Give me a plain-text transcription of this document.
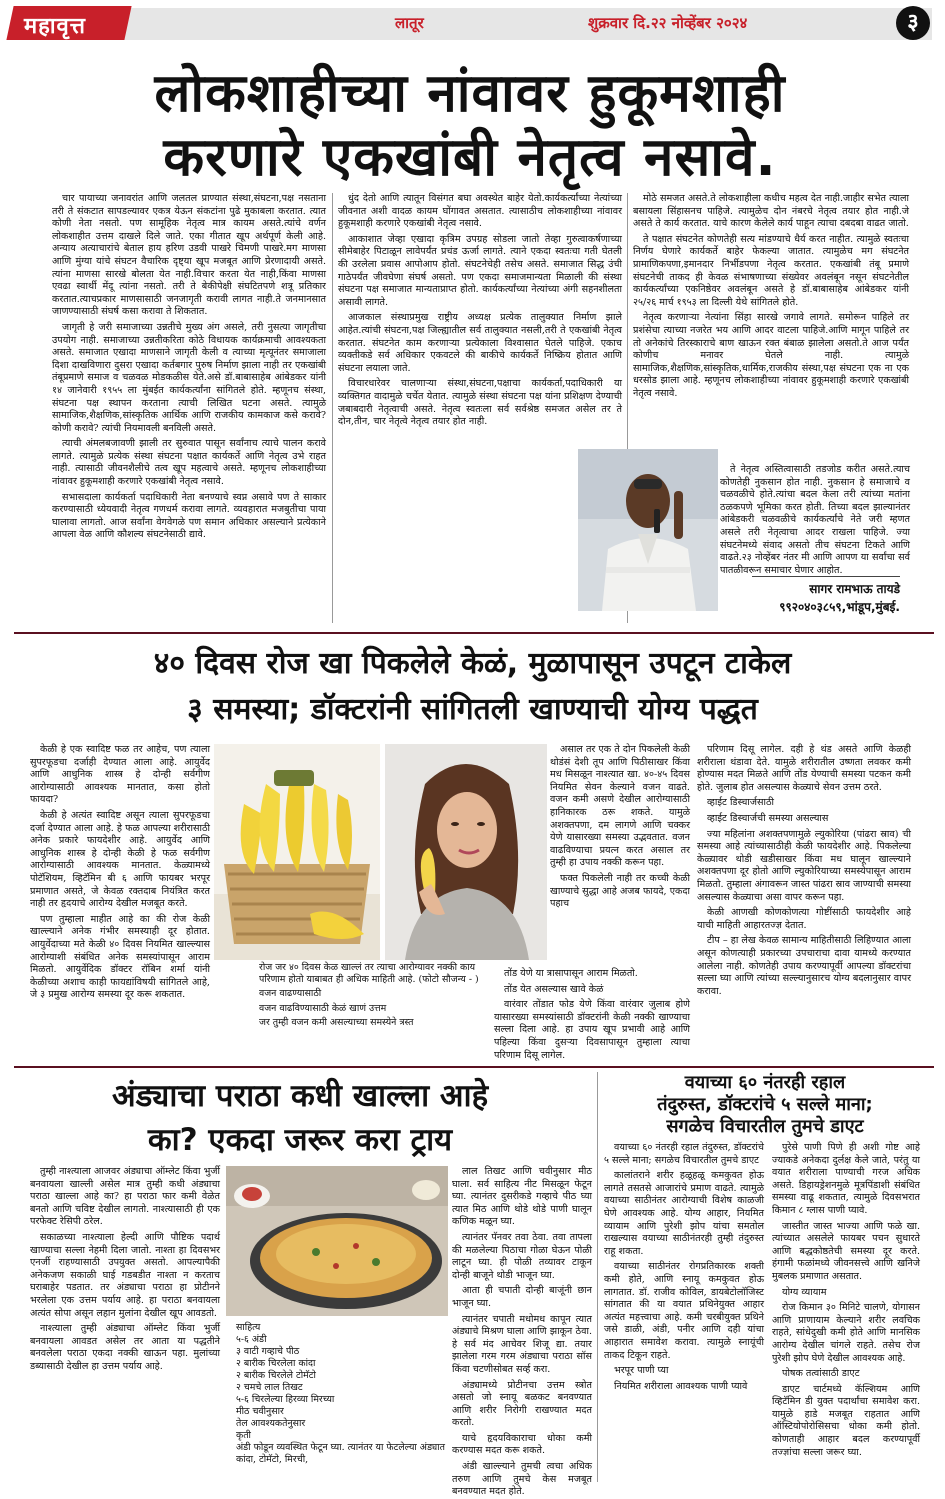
महावृत्त	लातूर	शुक्रवार दि.२२ नोव्हेंबर २०२४	३
लोकशाहीच्या नांवावर हुकूमशाही
करणारे एकखांबी नेतृत्व नसावे.

चार पायाच्या जनावरांत आणि जलतल प्राण्यात संस्था,संघटना,पक्ष नसताना तरी ते संकटात सापडल्यावर एकत्र येऊन संकटांना पुढे मुकाबला करतात. त्यात कोणी नेता नसतो. पण सामूहिक नेतृत्व मात्र कायम असते.त्यांचे वर्णन लोकशाहीत उत्तम दाखले दिले जाते. एका गीतात खूप अर्थपूर्ण केली आहे. अन्याय अत्याचारांचे बेताल हाय हरिण उडवी पाखरे चिमणी पाखरे.मग माणसा आणि मुंग्या यांचे संघटन वैचारिक दृष्ट्या खूप मजबूत आणि प्रेरणादायी असते. त्यांना माणसा सारखे बोलता येत नाही.विचार करता येत नाही,किंवा माणसा एवढा स्वार्थी मेंदू त्यांना नसतो. तरी ते बेकीपेक्षी संघटितपणे शत्रू प्रतिकार करतात.त्याचप्रकार माणसासाठी जनजागृती करावी लागत नाही.ते जनमानसात जाणण्यासाठी संघर्ष कसा करावा ते शिकतात.

जागृती हे जरी समाजाच्या उन्नतीचे मुख्य अंग असले, तरी नुसत्या जागृतीचा उपयोग नाही. समाजाच्या उन्नतीकरिता कोठे विधायक कार्यक्रमाची आवश्यकता असते. समाजात एखादा माणसाने जागृती केली व त्याच्या मृत्यूनंतर समाजाला दिशा दाखविणारा दुसरा एखादा कर्तबगार पुरुष निर्माण झाला नाही तर एकखांबी तंबूप्रमाणे समाज व चळवळ मोडकळीस येते.असे डॉ.बाबासाहेब आंबेडकर यांनी १४ जानेवारी १९५५ ला मुंबईत कार्यकर्त्यांना सांगितले होते. म्हणूनच संस्था, संघटना पक्ष स्थापन करताना त्याची लिखित घटना असते. त्यामुळे सामाजिक,शैक्षणिक,सांस्कृतिक आर्थिक आणि राजकीय कामकाज कसे करावे? कोणी करावे? त्यांची नियमावली बनविली असते.

त्याची अंमलबजावणी झाली तर सुरुवात पासून सर्वांनाच त्याचे पालन करावे लागते. त्यामुळे प्रत्येक संस्था संघटना पक्षात कार्यकर्ते आणि नेतृत्व उभे राहत नाही. त्यासाठी जीवनशैलीचे तत्व खूप महत्वाचे असते. म्हणूनच लोकशाहीच्या नांवावर हुकूमशाही करणारे एकखांबी नेतृत्व नसावे.

सभासदाला कार्यकर्ता पदाधिकारी नेता बनण्याचे स्वप्न असावे पण ते साकार करण्यासाठी ध्येयवादी नेतृत्व गणधर्म करावा लागते. व्यवहारात मजबुतीचा पाया घालावा लागतो. आज सर्वांना वेगवेगळे पण समान अधिकार असल्याने प्रत्येकाने आपला वेळ आणि कौशल्य संघटनेसाठी द्यावे.

धुंद देतो आणि त्यातून विसंगत बघा अवस्थेत बाहेर येतो.कार्यकर्त्यांच्या नेत्यांच्या जीवनात अशी वादळ कायम घोंगावत असतात. त्यासाठीच लोकशाहीच्या नांवावर हुकूमशाही करणारे एकखांबी नेतृत्व नसावे.

आकाशात जेव्हा एखादा कृत्रिम उपग्रह सोडला जातो तेव्हा गुरुत्वाकर्षणाच्या सीमेबाहेर पिटाळून लावेपर्यंत प्रचंड ऊर्जा लागते. त्याने एकदा स्वतःचा गती घेतली की उरलेला प्रवास आपोआप होतो. संघटनेचेही तसेच असते. समाजात सिद्ध उंची गाठेपर्यंत जीवघेणा संघर्ष असतो. पण एकदा समाजमान्यता मिळाली की संस्था संघटना पक्ष समाजात मान्यताप्राप्त होतो. कार्यकर्त्यांच्या नेत्यांच्या अंगी सहनशीलता असावी लागते.

आजकाल संस्थाप्रमुख राष्ट्रीय अध्यक्ष प्रत्येक तालुक्यात निर्माण झाले आहेत.त्यांची संघटना,पक्ष जिल्ह्यातील सर्व तालुक्यात नसली,तरी ते एकखांबी नेतृत्व करतात. संघटनेत काम करणाऱ्या प्रत्येकाला विश्वासात घेतले पाहिजे. एकाच व्यक्तीकडे सर्व अधिकार एकवटले की बाकीचे कार्यकर्ते निष्क्रिय होतात आणि संघटना लयाला जाते.

विचारधारेवर चालणाऱ्या संस्था,संघटना,पक्षाचा कार्यकर्ता,पदाधिकारी या व्यक्तिगत वादामुळे चर्चेत येतात. त्यामुळे संस्था संघटना पक्ष यांना प्रशिक्षण देण्याची जबाबदारी नेतृत्वाची असते. नेतृत्व स्वतःला सर्व सर्वश्रेष्ठ समजत असेल तर ते दोन,तीन, चार नेतृत्वे नेतृत्व तयार होत नाही.

मोठे समजत असते.ते लोकशाहीला कधीच महत्व देत नाही.जाहीर सभेत त्याला बसायला सिंहासनच पाहिजे. त्यामुळेच दोन नंबरचे नेतृत्व तयार होत नाही.जे असते ते कार्य करतात. याचे कारण केलेले कार्य पाहून त्याचा दबदबा वाढत जातो.

ते पक्षात संघटनेत कोणतेही सत्य मांडण्याचे धैर्य करत नाहीत. त्यामुळे स्वतःचा निर्णय घेणारे कार्यकर्ते बाहेर फेकल्या जातात. त्यामुळेच मग संघटनेत प्रामाणिकपणा,इमानदार निर्भीडपणा नेतृत्व करतात. एकखांबी तंबू प्रमाणे संघटनेची ताकद ही केवळ संभाषणाच्या संख्येवर अवलंबून नसून संघटनेतील कार्यकर्त्यांच्या एकनिष्ठेवर अवलंबून असते हे डॉ.बाबासाहेब आंबेडकर यांनी २५/२६ मार्च १९५३ ला दिल्ली येथे सांगितले होते.

नेतृत्व करणाऱ्या नेत्यांना सिंहा सारखे जगावे लागते. समोरून पाहिले तर प्रशंसेचा त्याच्या नजरेत भय आणि आदर वाटला पाहिजे.आणि मागून पाहिले तर तो अनेकांचे तिरस्काराचे बाण खाऊन रक्त बंबाळ झालेला असतो.ते आज पर्यंत कोणीच मनावर घेतले नाही. त्यामुळे सामाजिक,शैक्षणिक,सांस्कृतिक,धार्मिक,राजकीय संस्था,पक्ष संघटना एक ना एक धरसोड झाला आहे. म्हणूनच लोकशाहीच्या नांवावर हुकूमशाही करणारे एकखांबी नेतृत्व नसावे.

ते नेतृत्व अस्तित्वासाठी तडजोड करीत असते.त्याच कोणतेही नुकसान होत नाही. नुकसान हे समाजाचे व चळवळीचे होते.त्यांचा बदल केला तरी त्यांच्या मतांना ठळकपणे भूमिका करत होती. तिच्या बदल झाल्यानंतर आंबेडकरी चळवळीचे कार्यकर्त्यांचे नेते जरी म्हणत असले तरी नेतृत्वाचा आदर राखला पाहिजे. ज्या संघटनेमध्ये संवाद असतो तीच संघटना टिकते आणि वाढते.२३ नोव्हेंबर नंतर मी आणि आपण या सर्वांचा सर्व पातळीवरून समाचार घेणार आहोत.

सागर रामभाऊ तायडे
९९२०४०३८५९,भांडूप,मुंबई.
४० दिवस रोज खा पिकलेले केळं, मुळापासून उपटून टाकेल
३ समस्या; डॉक्टरांनी सांगितली खाण्याची योग्य पद्धत

केळी हे एक स्वादिष्ट फळ तर आहेच, पण त्याला सुपरफूडचा दर्जाही देण्यात आला आहे. आयुर्वेद आणि आधुनिक शास्त्र हे दोन्ही सर्वगीण आरोग्यासाठी आवश्यक मानतात, कसा होतो फायदा?

केळी हे अत्यंत स्वादिष्ट असून त्याला सुपरफूडचा दर्जा देण्यात आला आहे. हे फळ आपल्या शरीरासाठी अनेक प्रकारे फायदेशीर आहे. आयुर्वेद आणि आधुनिक शास्त्र हे दोन्ही केळी हे फळ सर्वगीण आरोग्यासाठी आवश्यक मानतात. केळ्यामध्ये पोटॅशियम, व्हिटॅमिन बी ६ आणि फायबर भरपूर प्रमाणात असते, जे केवळ रक्तदाब नियंत्रित करत नाही तर हृदयाचे आरोग्य देखील मजबूत करते.

पण तुम्हाला माहीत आहे का की रोज केळी खाल्ल्याने अनेक गंभीर समस्याही दूर होतात. आयुर्वेदाच्या मते केळी ४० दिवस नियमित खाल्ल्यास आरोग्याशी संबंधित अनेक समस्यांपासून आराम मिळतो. आयुर्वेदिक डॉक्टर रॉबिन शर्मा यांनी केळीच्या अशाच काही फायद्यांविषयी सांगितले आहे, जे ३ प्रमुख आरोग्य समस्या दूर करू शकतात.

रोज जर ४० दिवस केळ खाल्लं तर त्याचा आरोग्यावर नक्की काय परिणाम होतो याबाबत ही अधिक माहिती आहे. (फोटो सौजन्य - )

वजन वाढण्यासाठी

वजन वाढविण्यासाठी केळं खाणं उत्तम

जर तुम्ही वजन कमी असल्याच्या समस्येने त्रस्त

असाल तर एक ते दोन पिकलेली केळी थोडंसं देशी तूप आणि पिठीसाखर किंवा मध मिसळून नाश्त्यात खा. ४०-४५ दिवस नियमित सेवन केल्याने वजन वाढते. वजन कमी असणे देखील आरोग्यासाठी हानिकारक ठरू शकते. यामुळे अशक्तपणा, दम लागणे आणि चक्कर येणे यासारख्या समस्या उद्भवतात. वजन वाढविण्याचा प्रयत्न करत असाल तर तुम्ही हा उपाय नक्की करून पहा.

फक्त पिकलेली नाही तर कच्ची केळी खाण्याचे सुद्धा आहे अजब फायदे, एकदा पहाच

तोंड येणे या त्रासापासून आराम मिळतो.

तोंड येत असल्यास खावे केळं

वारंवार तोंडात फोड येणे किंवा वारंवार जुलाब होणे यासारख्या समस्यांसाठी डॉक्टरांनी केळी नक्की खाण्याचा सल्ला दिला आहे. हा उपाय खूप प्रभावी आहे आणि पहिल्या किंवा दुसऱ्या दिवसापासून तुम्हाला त्याचा परिणाम दिसू लागेल.

परिणाम दिसू लागेल. दही हे थंड असते आणि केळही शरीराला थंडावा देते. यामुळे शरीरातील उष्णता लवकर कमी होण्यास मदत मिळते आणि तोंड येण्याची समस्या पटकन कमी होते. जुलाब होत असल्यास केळ्याचे सेवन उत्तम ठरते.

व्हाईट डिस्चार्जसाठी

व्हाईट डिस्चार्जची समस्या असल्यास

ज्या महिलांना अशक्तपणामुळे ल्युकोरिया (पांढरा स्राव) ची समस्या आहे त्यांच्यासाठीही केळी फायदेशीर आहे. पिकलेल्या केळ्यावर थोडी खडीसाखर किंवा मध घालून खाल्ल्याने अशक्तपणा दूर होतो आणि ल्युकोरियाच्या समस्येपासून आराम मिळतो. तुम्हाला अंगावरून जास्त पांढरा स्राव जाण्याची समस्या असल्यास केळ्याचा असा वापर करून पहा.

केळी आणखी कोणकोणत्या गोष्टींसाठी फायदेशीर आहे याची माहिती आहारतज्ज्ञ देतात.

टीप – हा लेख केवळ सामान्य माहितीसाठी लिहिण्यात आला असून कोणत्याही प्रकारच्या उपचाराचा दावा यामध्ये करण्यात आलेला नाही. कोणतेही उपाय करण्यापूर्वी आपल्या डॉक्टरांचा सल्ला घ्या आणि त्यांच्या सल्ल्यानुसारच योग्य बदलानुसार वापर करावा.

अंड्याचा पराठा कधी खाल्ला आहे
का? एकदा जरूर करा ट्राय

तुम्ही नाश्त्याला आजवर अंड्याचा ऑम्लेट किंवा भुर्जी बनवायला खाल्ली असेल मात्र तुम्ही कधी अंड्याचा पराठा खाल्ला आहे का? हा पराठा फार कमी वेळेत बनतो आणि चविष्ट देखील लागतो. नाश्त्यासाठी ही एक परफेक्ट रेसिपी ठरेल.

सकाळच्या नाश्त्याला हेल्दी आणि पौष्टिक पदार्थ खाण्याचा सल्ला नेहमी दिला जातो. नाश्ता हा दिवसभर एनर्जी राहण्यासाठी उपयुक्त असतो. आपल्यापैकी अनेकजण सकाळी घाई गडबडीत नाश्ता न करताच घराबाहेर पडतात. तर अंड्याचा पराठा हा प्रोटीनने भरलेला एक उत्तम पर्याय आहे. हा पराठा बनवायला अत्यंत सोपा असून लहान मुलांना देखील खूप आवडतो.

नाश्त्याला तुम्ही अंड्याचा ऑम्लेट किंवा भुर्जी बनवायला आवडत असेल तर आता या पद्धतीने बनवलेला पराठा एकदा नक्की खाऊन पहा. मुलांच्या डब्यासाठी देखील हा उत्तम पर्याय आहे.

साहित्य
५-६ अंडी
३ वाटी गव्हाचे पीठ
२ बारीक चिरलेला कांदा
२ बारीक चिरलेले टोमॅटो
२ चमचे लाल तिखट
५-६ चिरलेल्या हिरव्या मिरच्या
मीठ चवीनुसार
तेल आवश्यकतेनुसार
कृती
अंडी फोडून व्यवस्थित फेटून घ्या. त्यानंतर या फेटलेल्या अंड्यात कांदा, टोमॅटो, मिरची,

लाल तिखट आणि चवीनुसार मीठ घाला. सर्व साहित्य नीट मिसळून फेटून घ्या. त्यानंतर दुसरीकडे गव्हाचे पीठ घ्या त्यात मिठ आणि थोडे थोडे पाणी घालून कणिक मळून घ्या.

त्यानंतर पॅनवर तवा ठेवा. तवा तापला की मळलेल्या पिठाचा गोळा घेऊन पोळी लाटून घ्या. ही पोळी तव्यावर टाकून दोन्ही बाजूने थोडी भाजून घ्या.

आता ही चपाती दोन्ही बाजूंनी छान भाजून घ्या.

त्यानंतर चपाती मधोमध कापून त्यात अंड्याचे मिश्रण घाला आणि झाकून ठेवा. हे सर्व मंद आचेवर शिजू द्या. तयार झालेला गरम गरम अंड्याचा पराठा सॉस किंवा चटणीसोबत सर्व्ह करा.

अंड्यामध्ये प्रोटीनचा उत्तम स्त्रोत असतो जो स्नायू बळकट बनवण्यात आणि शरीर निरोगी राखण्यात मदत करतो.

याचे हृदयविकाराचा धोका कमी करण्यास मदत करू शकते.

अंडी खाल्ल्याने तुमची त्वचा अधिक तरुण आणि तुमचे केस मजबूत बनवण्यात मदत होते.

वयाच्या ६० नंतरही रहाल
तंदुरुस्त, डॉक्टरांचे ५ सल्ले माना;
सगळेच विचारतील तुमचे डाएट

वयाच्या ६० नंतरही रहाल तंदुरुस्त, डॉक्टरांचे ५ सल्ले माना; सगळेच विचारतील तुमचे डाएट

कालांतराने शरीर हळूहळू कमकुवत होऊ लागते तसतसे आजारांचे प्रमाण वाढते. त्यामुळे वयाच्या साठीनंतर आरोग्याची विशेष काळजी घेणे आवश्यक आहे. योग्य आहार, नियमित व्यायाम आणि पुरेशी झोप यांचा समतोल राखल्यास वयाच्या साठीनंतरही तुम्ही तंदुरुस्त राहू शकता.

वयाच्या साठीनंतर रोगप्रतिकारक शक्ती कमी होते, आणि स्नायू कमकुवत होऊ लागतात. डॉ. राजीव कोविल, डायबेटोलॉजिस्ट सांगतात की या वयात प्रथिनेयुक्त आहार अत्यंत महत्त्वाचा आहे. कमी चरबीयुक्त प्रथिने जसे डाळी, अंडी, पनीर आणि दही यांचा आहारात समावेश करावा. त्यामुळे स्नायूंची ताकद टिकून राहते.

भरपूर पाणी प्या

नियमित शरीराला आवश्यक पाणी प्यावे

पुरेसे पाणी पिणे ही अशी गोष्ट आहे ज्याकडे अनेकदा दुर्लक्ष केले जाते, परंतु या वयात शरीराला पाण्याची गरज अधिक असते. डिहायड्रेशनमुळे मूत्रपिंडाशी संबंधित समस्या वाढू शकतात, त्यामुळे दिवसभरात किमान ८ ग्लास पाणी प्यावे.

जास्तीत जास्त भाज्या आणि फळे खा. त्यांच्यात असलेले फायबर पचन सुधारते आणि बद्धकोष्ठतेची समस्या दूर करते. हंगामी फळांमध्ये जीवनसत्त्वे आणि खनिजे मुबलक प्रमाणात असतात.

योग्य व्यायाम

रोज किमान ३० मिनिटे चालणे, योगासन आणि प्राणायाम केल्याने शरीर लवचिक राहते, सांधेदुखी कमी होते आणि मानसिक आरोग्य देखील चांगले राहते. तसेच रोज पुरेशी झोप घेणे देखील आवश्यक आहे.

पोषक तत्वांसाठी डाएट

डाएट चार्टमध्ये कॅल्शियम आणि व्हिटॅमिन डी युक्त पदार्थांचा समावेश करा. यामुळे हाडे मजबूत राहतात आणि ऑस्टियोपोरोसिसचा धोका कमी होतो. कोणताही आहार बदल करण्यापूर्वी तज्ज्ञांचा सल्ला जरूर घ्या.
